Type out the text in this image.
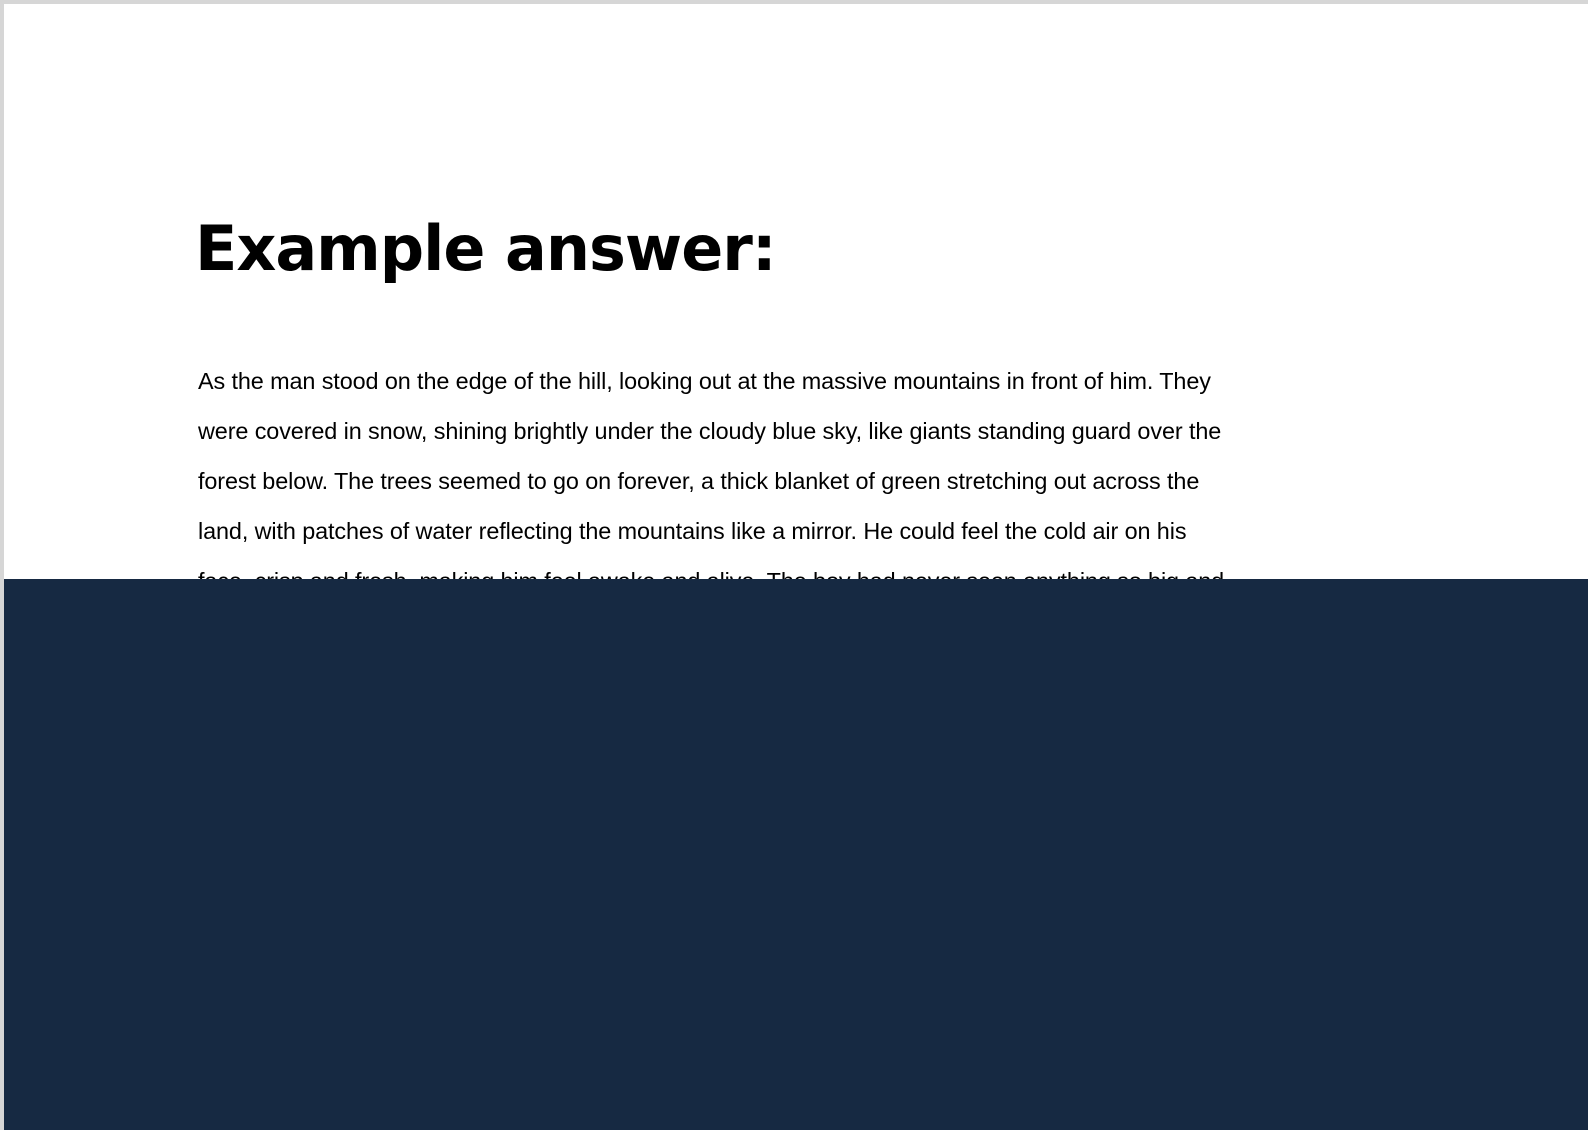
Example answer:

As the man stood on the edge of the hill, looking out at the massive mountains in front of him. They
were covered in snow, shining brightly under the cloudy blue sky, like giants standing guard over the
forest below. The trees seemed to go on forever, a thick blanket of green stretching out across the
land, with patches of water reflecting the mountains like a mirror. He could feel the cold air on his
